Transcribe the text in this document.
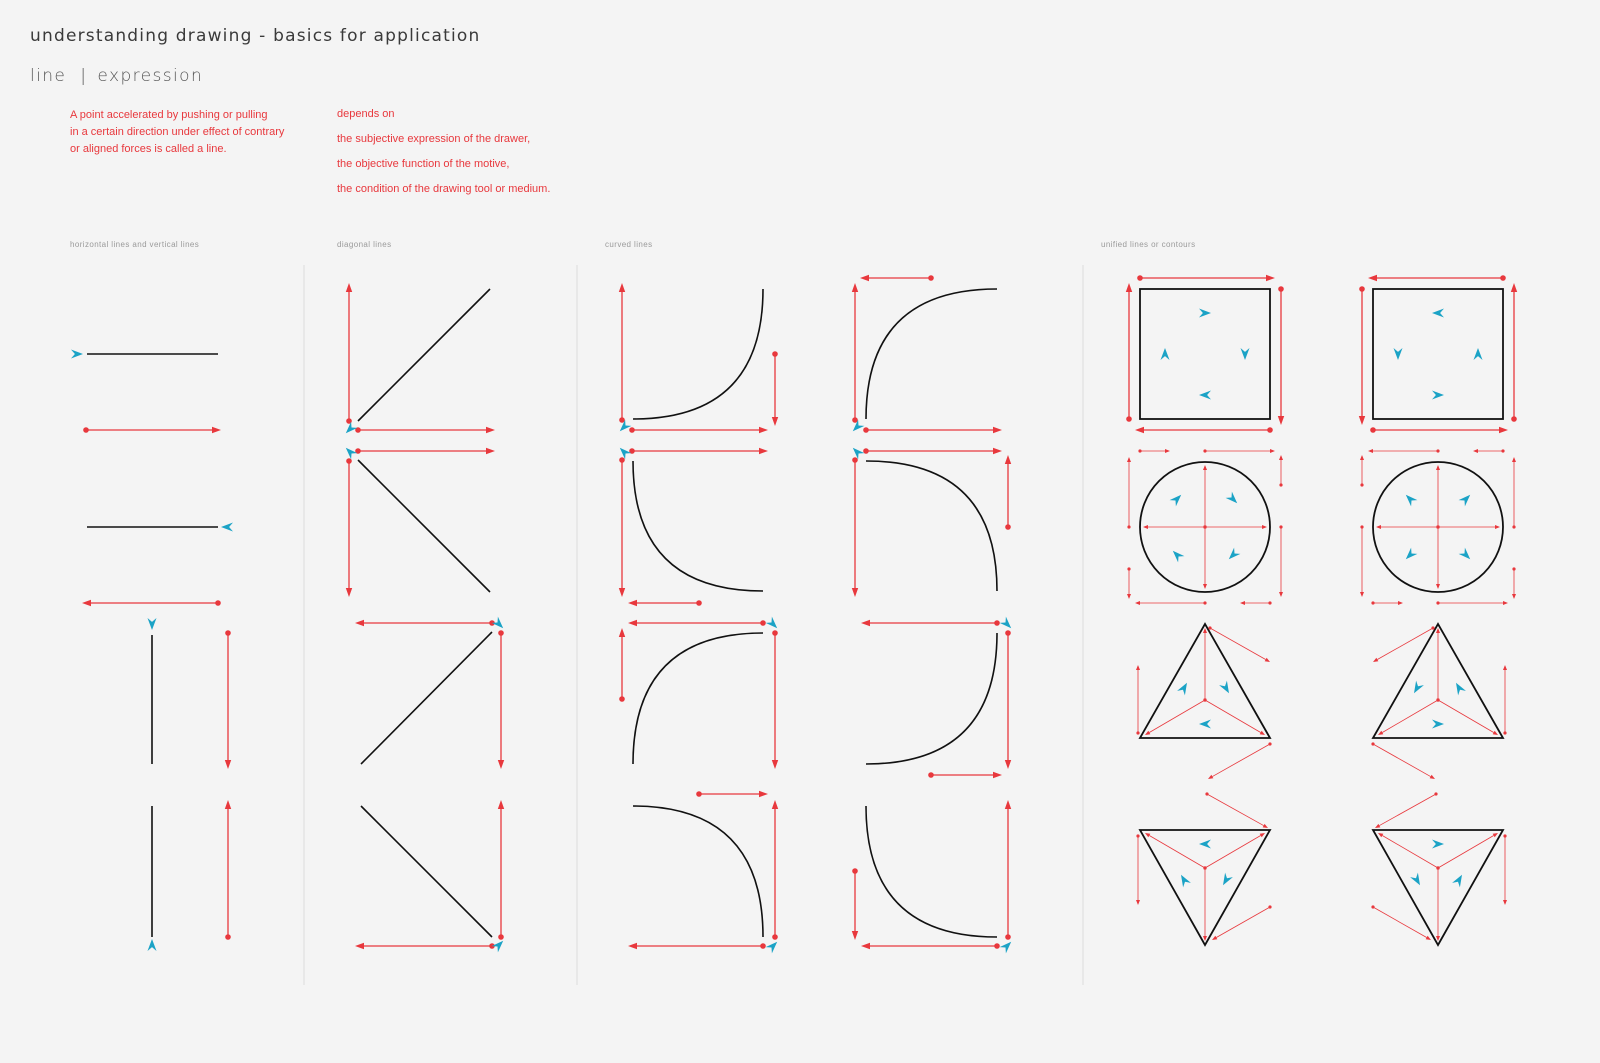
understanding drawing - basics for application
line | expression
A point accelerated by pushing or pulling
in a certain direction under effect of contrary
or aligned forces is called a line.
depends on
the subjective expression of the drawer,
the objective function of the motive,
the condition of the drawing tool or medium.
horizontal lines and vertical lines	diagonal lines	curved lines	unified lines or contours
